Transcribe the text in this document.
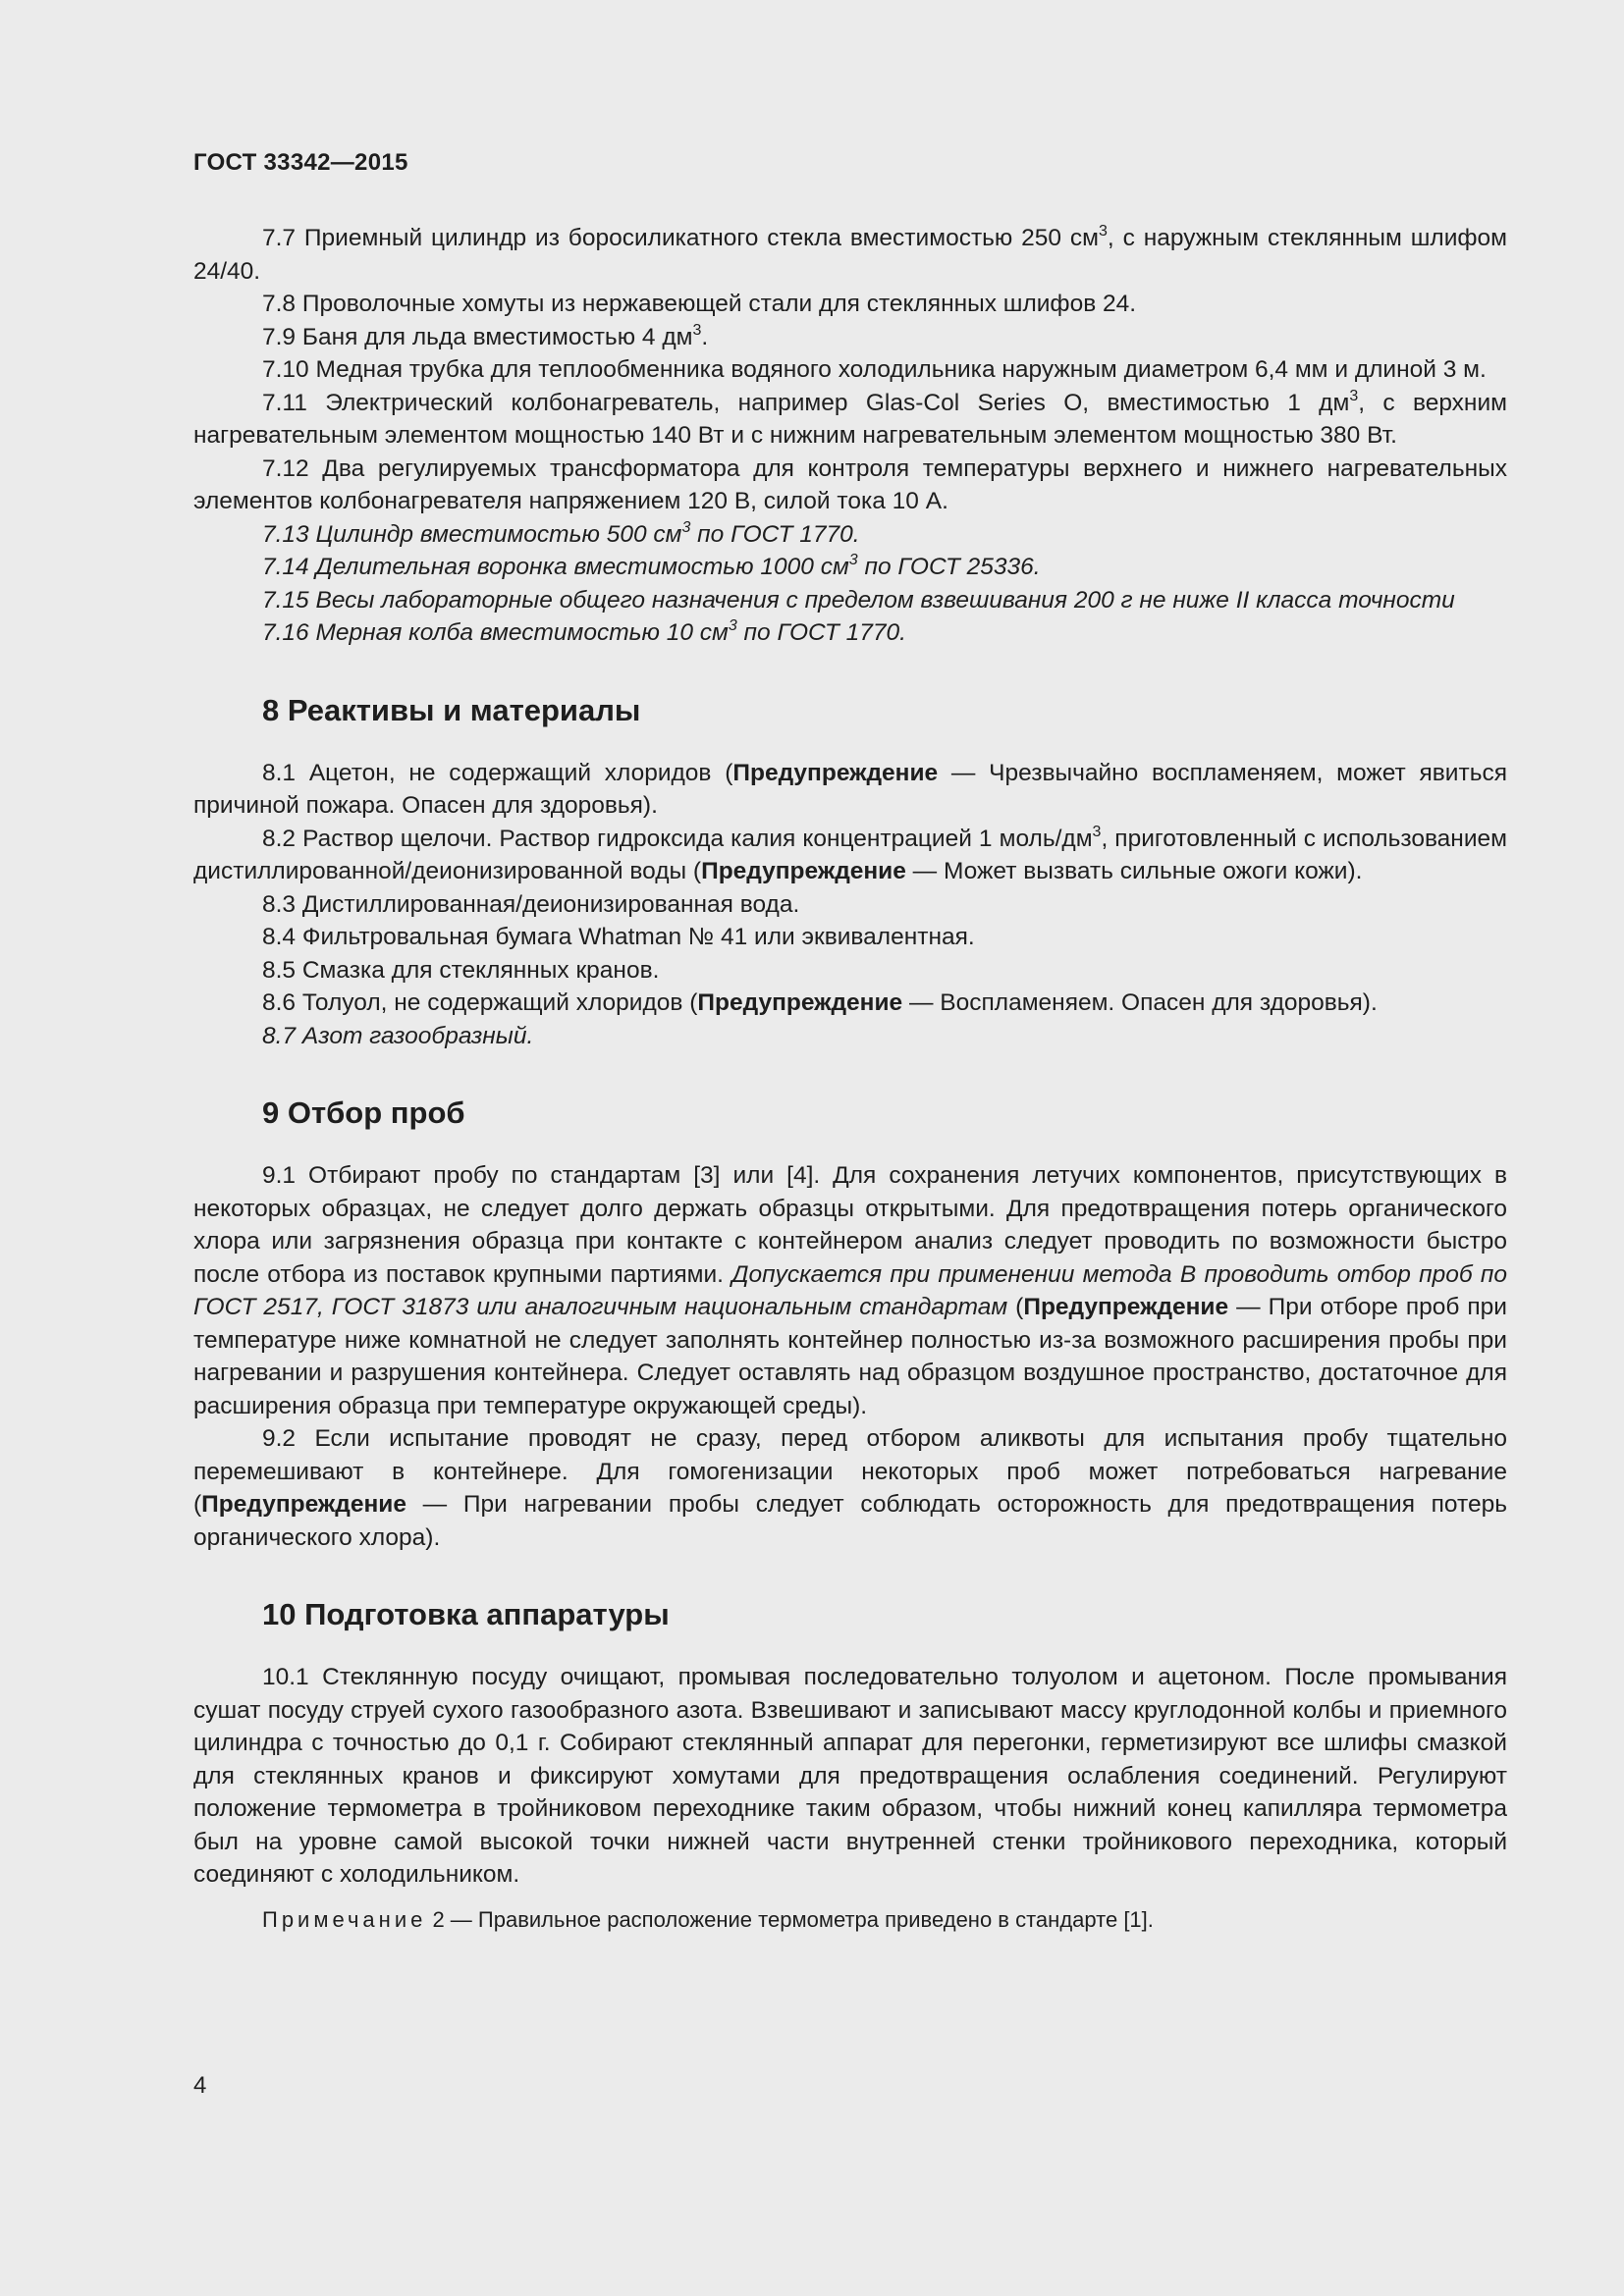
ГОСТ 33342—2015

7.7 Приемный цилиндр из боросиликатного стекла вместимостью 250 $см^3$, с наружным стеклянным шлифом 24/40.

7.8 Проволочные хомуты из нержавеющей стали для стеклянных шлифов 24.

7.9 Баня для льда вместимостью 4 $дм^3$.

7.10 Медная трубка для теплообменника водяного холодильника наружным диаметром 6,4 мм и длиной 3 м.

7.11 Электрический колбонагреватель, например Glas-Col Series O, вместимостью 1 $дм^3$, с верхним нагревательным элементом мощностью 140 Вт и с нижним нагревательным элементом мощностью 380 Вт.

7.12 Два регулируемых трансформатора для контроля температуры верхнего и нижнего нагревательных элементов колбонагревателя напряжением 120 В, силой тока 10 А.

7.13 Цилиндр вместимостью 500 $см^3$ по ГОСТ 1770.

7.14 Делительная воронка вместимостью 1000 $см^3$ по ГОСТ 25336.

7.15 Весы лабораторные общего назначения с пределом взвешивания 200 г не ниже II класса точности

7.16 Мерная колба вместимостью 10 $см^3$ по ГОСТ 1770.

8 Реактивы и материалы

8.1 Ацетон, не содержащий хлоридов (Предупреждение — Чрезвычайно воспламеняем, может явиться причиной пожара. Опасен для здоровья).

8.2 Раствор щелочи. Раствор гидроксида калия концентрацией 1 моль/$дм^3$, приготовленный с использованием дистиллированной/деионизированной воды (Предупреждение — Может вызвать сильные ожоги кожи).

8.3 Дистиллированная/деионизированная вода.

8.4 Фильтровальная бумага Whatman № 41 или эквивалентная.

8.5 Смазка для стеклянных кранов.

8.6 Толуол, не содержащий хлоридов (Предупреждение — Воспламеняем. Опасен для здоровья).

8.7 Азот газообразный.

9 Отбор проб

9.1 Отбирают пробу по стандартам [3] или [4]. Для сохранения летучих компонентов, присутствующих в некоторых образцах, не следует долго держать образцы открытыми. Для предотвращения потерь органического хлора или загрязнения образца при контакте с контейнером анализ следует проводить по возможности быстро после отбора из поставок крупными партиями. Допускается при применении метода B проводить отбор проб по ГОСТ 2517, ГОСТ 31873 или аналогичным национальным стандартам (Предупреждение — При отборе проб при температуре ниже комнатной не следует заполнять контейнер полностью из-за возможного расширения пробы при нагревании и разрушения контейнера. Следует оставлять над образцом воздушное пространство, достаточное для расширения образца при температуре окружающей среды).

9.2 Если испытание проводят не сразу, перед отбором аликвоты для испытания пробу тщательно перемешивают в контейнере. Для гомогенизации некоторых проб может потребоваться нагревание (Предупреждение — При нагревании пробы следует соблюдать осторожность для предотвращения потерь органического хлора).

10 Подготовка аппаратуры

10.1 Стеклянную посуду очищают, промывая последовательно толуолом и ацетоном. После промывания сушат посуду струей сухого газообразного азота. Взвешивают и записывают массу круглодонной колбы и приемного цилиндра с точностью до 0,1 г. Собирают стеклянный аппарат для перегонки, герметизируют все шлифы смазкой для стеклянных кранов и фиксируют хомутами для предотвращения ослабления соединений. Регулируют положение термометра в тройниковом переходнике таким образом, чтобы нижний конец капилляра термометра был на уровне самой высокой точки нижней части внутренней стенки тройникового переходника, который соединяют с холодильником.

Примечание 2 — Правильное расположение термометра приведено в стандарте [1].

4
